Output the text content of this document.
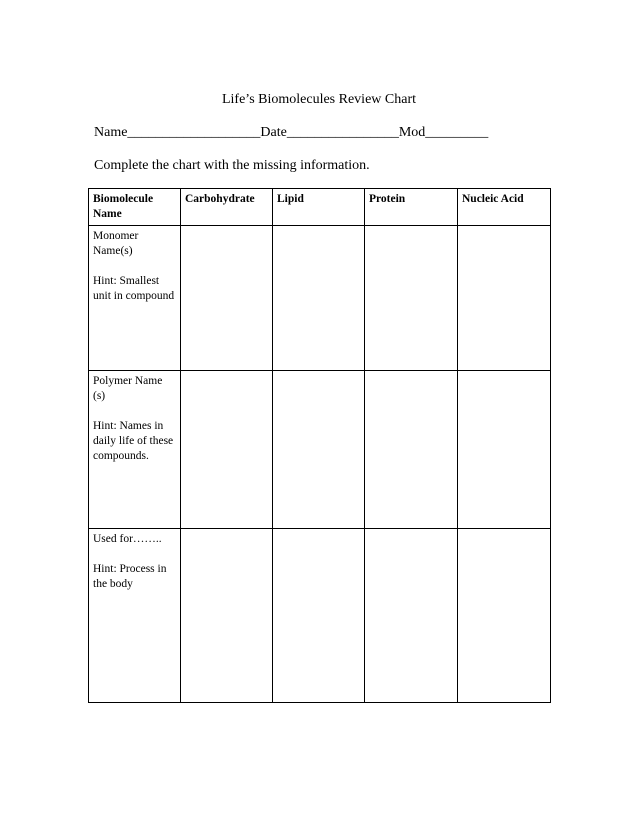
Life’s Biomolecules Review Chart
Name___________________Date________________Mod_________
Complete the chart with the missing information.
Biomolecule Name	Carbohydrate	Lipid	Protein	Nucleic Acid
Monomer Name(s)
Hint: Smallest unit in compound				

Polymer Name (s)
Hint: Names in daily life of these compounds.				

Used for……..
Hint: Process in the body				
